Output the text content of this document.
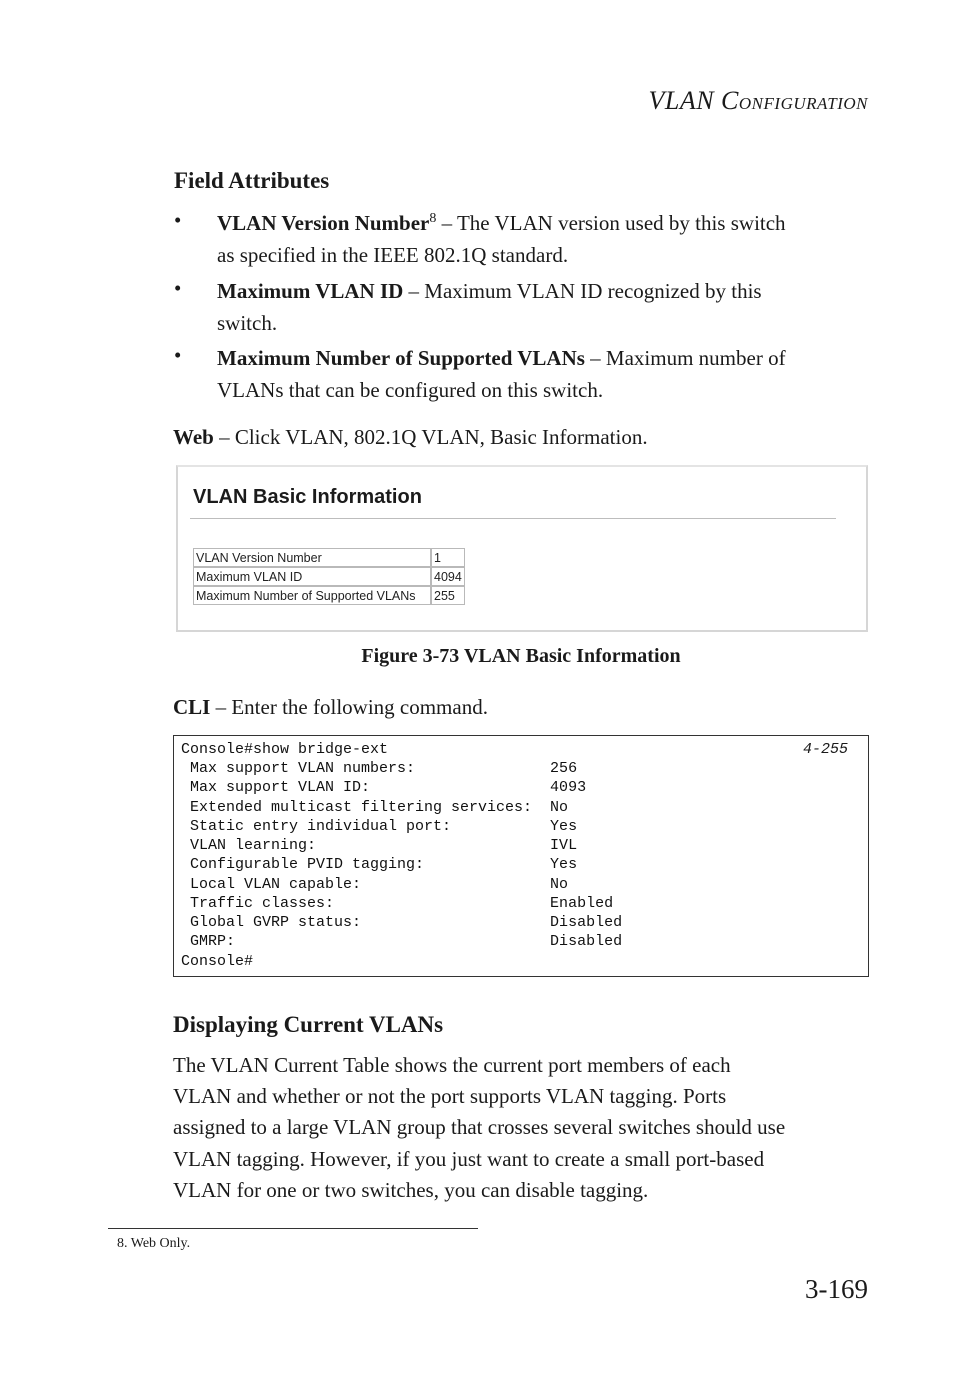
VLAN CONFIGURATION
Field Attributes
• VLAN Version Number$^8$ – The VLAN version used by this switch
as specified in the IEEE 802.1Q standard.
• Maximum VLAN ID – Maximum VLAN ID recognized by this
switch.
• Maximum Number of Supported VLANs – Maximum number of
VLANs that can be configured on this switch.
Web – Click VLAN, 802.1Q VLAN, Basic Information.
VLAN Basic Information
VLAN Version Number	1
Maximum VLAN ID	4094
Maximum Number of Supported VLANs	255
Figure 3-73 VLAN Basic Information
CLI – Enter the following command.
4-255
Console#show bridge-ext
Max support VLAN numbers:               256
Max support VLAN ID:                    4093
Extended multicast filtering services:  No
Static entry individual port:           Yes
VLAN learning:                          IVL
Configurable PVID tagging:              Yes
Local VLAN capable:                     No
Traffic classes:                        Enabled
Global GVRP status:                     Disabled
GMRP:                                   Disabled
Console#
Displaying Current VLANs
The VLAN Current Table shows the current port members of each
VLAN and whether or not the port supports VLAN tagging. Ports
assigned to a large VLAN group that crosses several switches should use
VLAN tagging. However, if you just want to create a small port-based
VLAN for one or two switches, you can disable tagging.
8. Web Only.
3-169
